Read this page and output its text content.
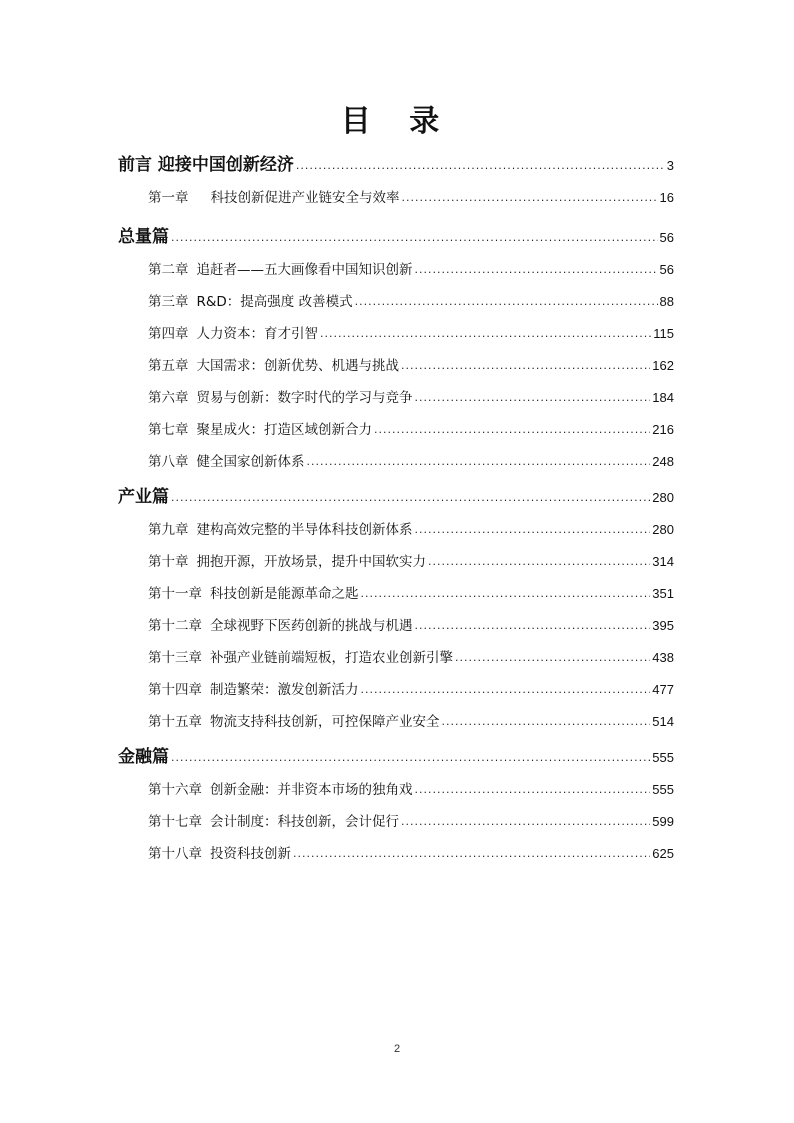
目 录
前言 迎接中国创新经济 .....	3
第一章 科技创新促进产业链安全与效率 .....	16
总量篇 .....	56
第二章 追赶者——五大画像看中国知识创新 .....	56
第三章 R&D：提高强度 改善模式 .....	88
第四章 人力资本：育才引智 .....	115
第五章 大国需求：创新优势、机遇与挑战 .....	162
第六章 贸易与创新：数字时代的学习与竞争 .....	184
第七章 聚星成火：打造区域创新合力 .....	216
第八章 健全国家创新体系 .....	248
产业篇 .....	280
第九章 建构高效完整的半导体科技创新体系 .....	280
第十章 拥抱开源，开放场景，提升中国软实力 .....	314
第十一章 科技创新是能源革命之匙 .....	351
第十二章 全球视野下医药创新的挑战与机遇 .....	395
第十三章 补强产业链前端短板，打造农业创新引擎 .....	438
第十四章 制造繁荣：激发创新活力 .....	477
第十五章 物流支持科技创新，可控保障产业安全 .....	514
金融篇 .....	555
第十六章 创新金融：并非资本市场的独角戏 .....	555
第十七章 会计制度：科技创新，会计促行 .....	599
第十八章 投资科技创新 .....	625
2
